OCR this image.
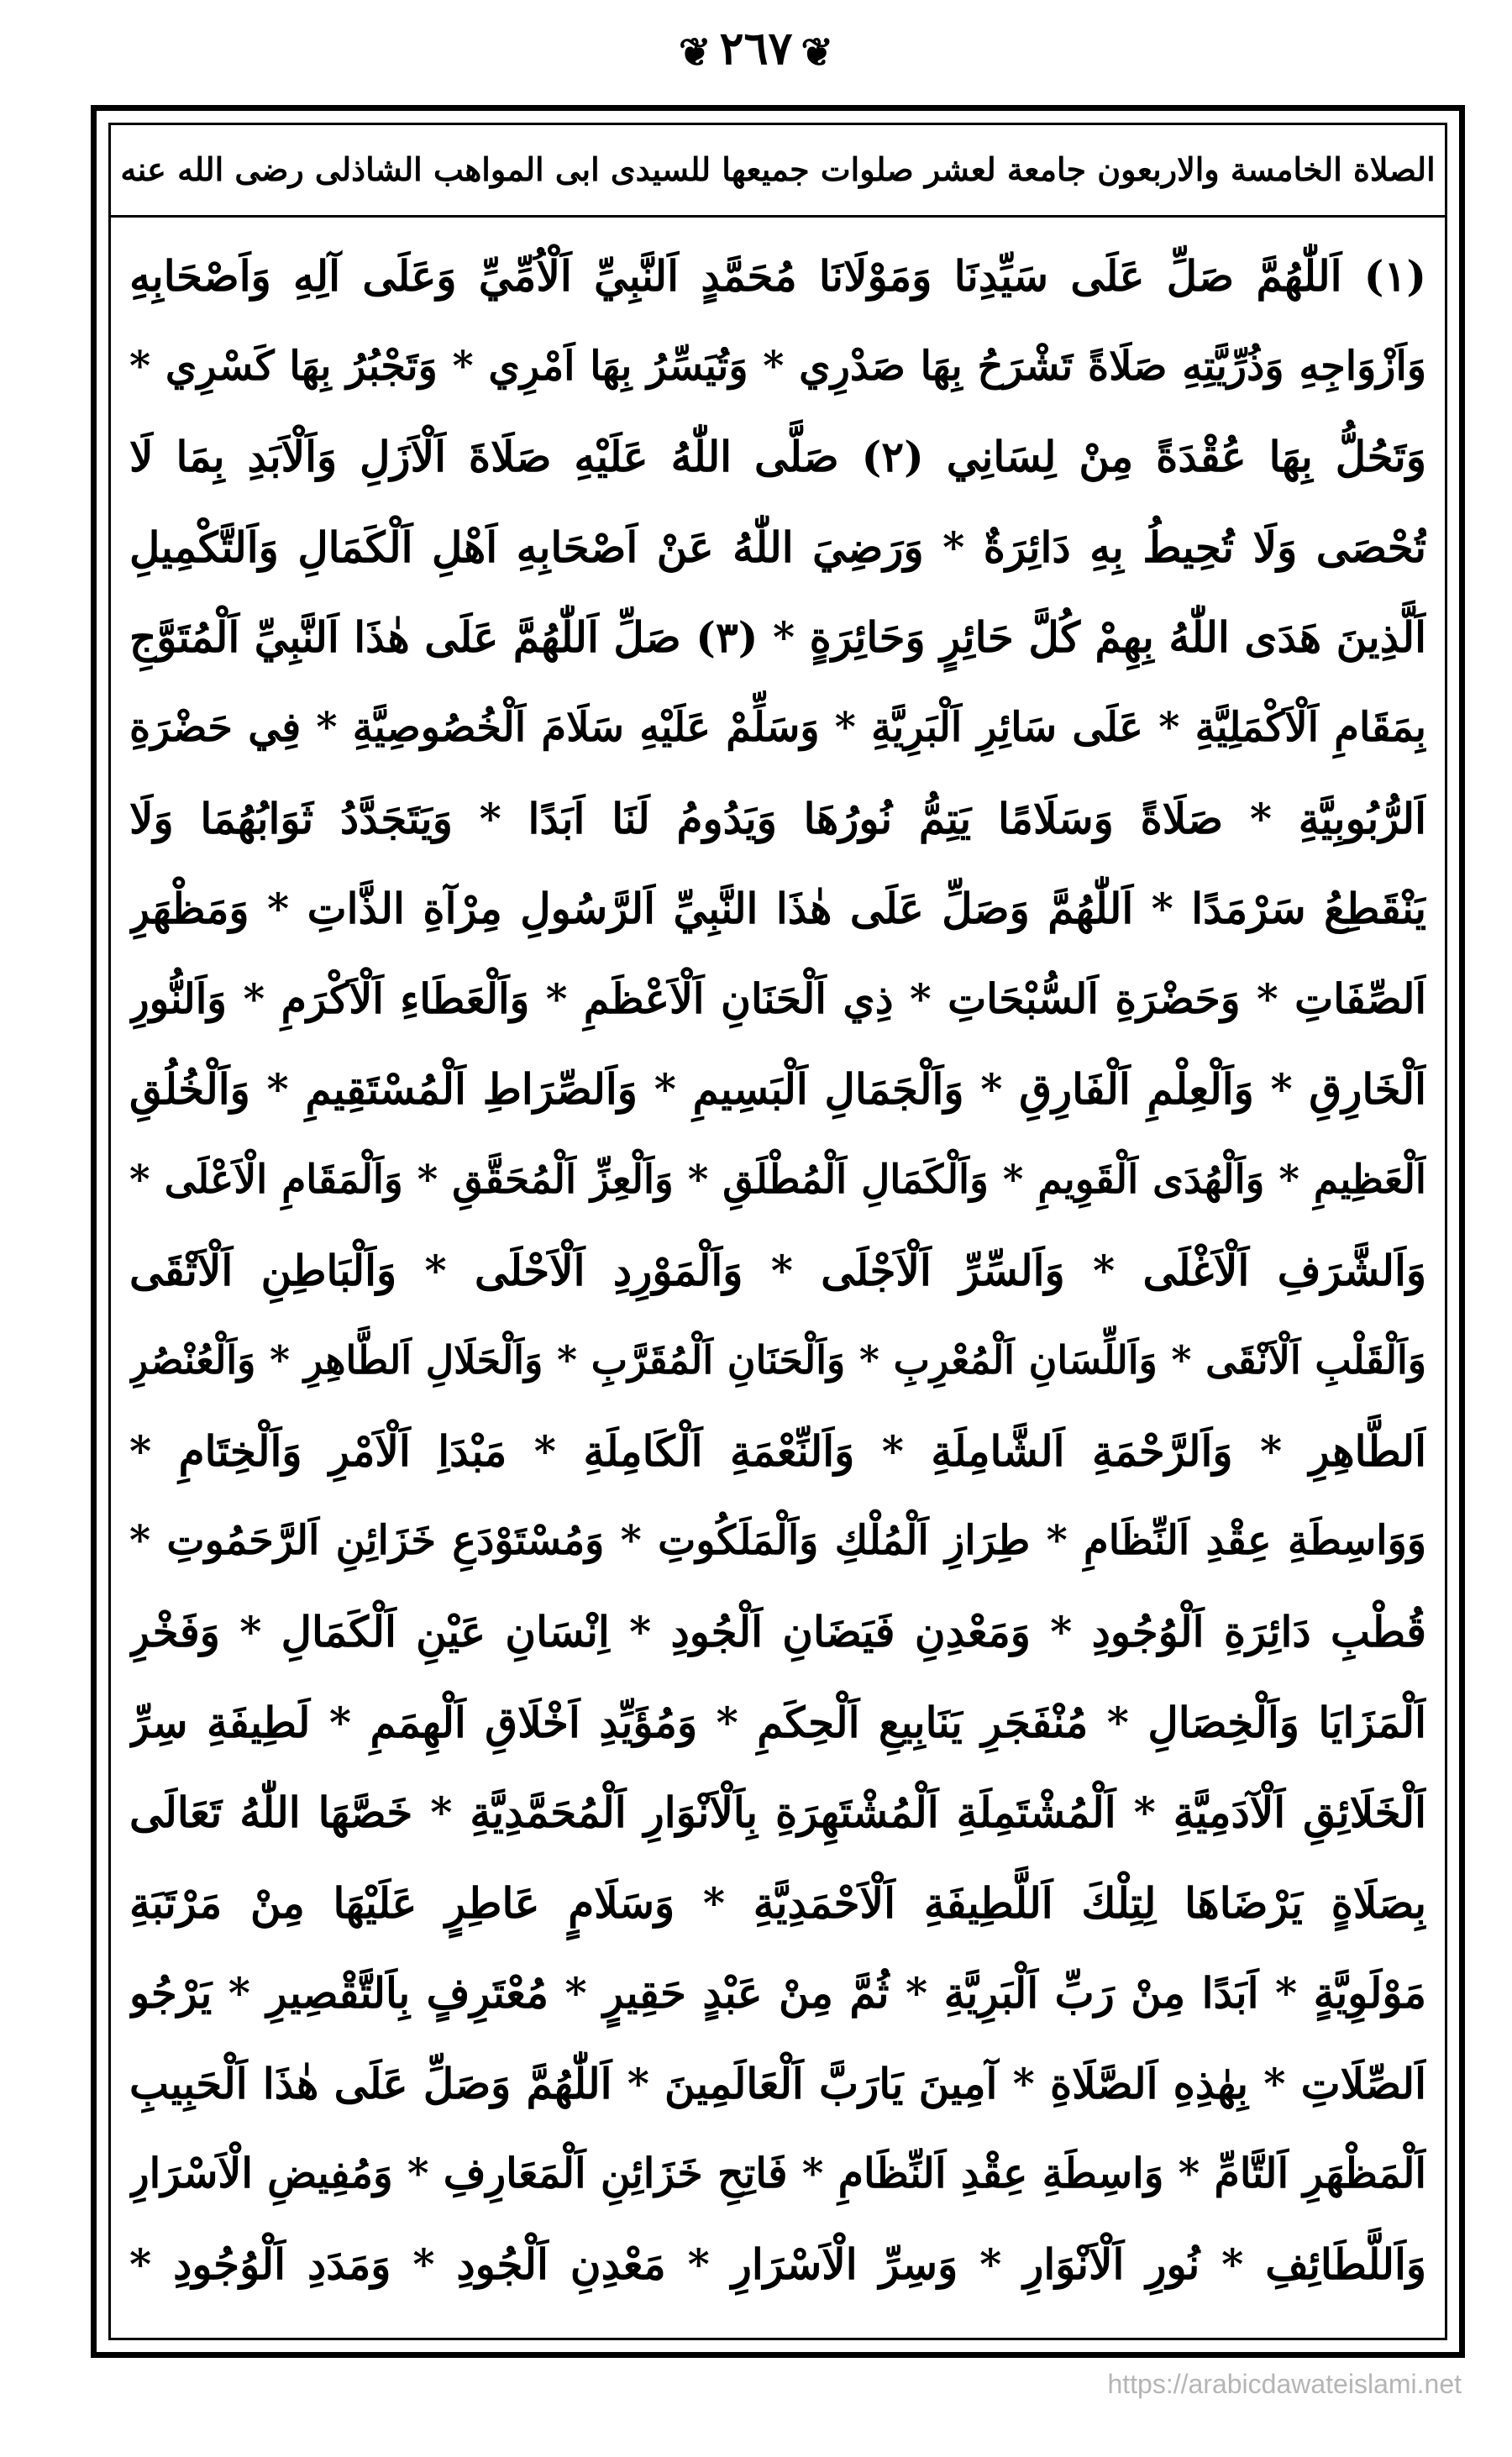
❦٢٦٧❦
الصلاة الخامسة والاربعون جامعة لعشر صلوات جميعها للسيدى ابى المواهب الشاذلى رضى الله عنه
(١) اَللّٰهُمَّ صَلِّ عَلَى سَيِّدِنَا وَمَوْلَانَا مُحَمَّدٍ اَلنَّبِيِّ اَلْاُمِّيِّ وَعَلَى آلِهِ وَاَصْحَابِهِ
وَاَزْوَاجِهِ وَذُرِّيَّتِهِ صَلَاةً تَشْرَحُ بِهَا صَدْرِي * وَتُيَسِّرُ بِهَا اَمْرِي * وَتَجْبُرُ بِهَا كَسْرِي *
وَتَحُلُّ بِهَا عُقْدَةً مِنْ لِسَانِي (٢) صَلَّى اللّٰهُ عَلَيْهِ صَلَاةَ اَلْاَزَلِ وَاَلْاَبَدِ بِمَا لَا
تُحْصَى وَلَا تُحِيطُ بِهِ دَائِرَةٌ * وَرَضِيَ اللّٰهُ عَنْ اَصْحَابِهِ اَهْلِ اَلْكَمَالِ وَاَلتَّكْمِيلِ
اَلَّذِينَ هَدَى اللّٰهُ بِهِمْ كُلَّ حَائِرٍ وَحَائِرَةٍ * (٣) صَلِّ اَللّٰهُمَّ عَلَى هٰذَا اَلنَّبِيِّ اَلْمُتَوَّجِ
بِمَقَامِ اَلْاَكْمَلِيَّةِ * عَلَى سَائِرِ اَلْبَرِيَّةِ * وَسَلِّمْ عَلَيْهِ سَلَامَ اَلْخُصُوصِيَّةِ * فِي حَضْرَةِ
اَلرُّبُوبِيَّةِ * صَلَاةً وَسَلَامًا يَتِمُّ نُورُهَا وَيَدُومُ لَنَا اَبَدًا * وَيَتَجَدَّدُ ثَوَابُهُمَا وَلَا
يَنْقَطِعُ سَرْمَدًا * اَللّٰهُمَّ وَصَلِّ عَلَى هٰذَا النَّبِيِّ اَلرَّسُولِ مِرْآةِ الذَّاتِ * وَمَظْهَرِ
اَلصِّفَاتِ * وَحَضْرَةِ اَلسُّبْحَاتِ * ذِي اَلْحَنَانِ اَلْاَعْظَمِ * وَاَلْعَطَاءِ اَلْاَكْرَمِ * وَاَلنُّورِ
اَلْخَارِقِ * وَاَلْعِلْمِ اَلْفَارِقِ * وَاَلْجَمَالِ اَلْبَسِيمِ * وَاَلصِّرَاطِ اَلْمُسْتَقِيمِ * وَاَلْخُلُقِ
اَلْعَظِيمِ * وَاَلْهُدَى اَلْقَوِيمِ * وَاَلْكَمَالِ اَلْمُطْلَقِ * وَاَلْعِزِّ اَلْمُحَقَّقِ * وَاَلْمَقَامِ الْاَعْلَى *
وَاَلشَّرَفِ اَلْاَغْلَى * وَاَلسِّرِّ اَلْاَجْلَى * وَاَلْمَوْرِدِ اَلْاَحْلَى * وَاَلْبَاطِنِ اَلْاَتْقَى
وَاَلْقَلْبِ اَلْاَنْقَى * وَاَللِّسَانِ اَلْمُعْرِبِ * وَاَلْحَنَانِ اَلْمُقَرَّبِ * وَاَلْحَلَالِ اَلطَّاهِرِ * وَاَلْعُنْصُرِ
اَلطَّاهِرِ * وَاَلرَّحْمَةِ اَلشَّامِلَةِ * وَاَلنِّعْمَةِ اَلْكَامِلَةِ * مَبْدَاِ اَلْاَمْرِ وَاَلْخِتَامِ *
وَوَاسِطَةِ عِقْدِ اَلنِّظَامِ * طِرَازِ اَلْمُلْكِ وَاَلْمَلَكُوتِ * وَمُسْتَوْدَعِ خَزَائِنِ اَلرَّحَمُوتِ *
قُطْبِ دَائِرَةِ اَلْوُجُودِ * وَمَعْدِنِ فَيَضَانِ اَلْجُودِ * اِنْسَانِ عَيْنِ اَلْكَمَالِ * وَفَخْرِ
اَلْمَزَايَا وَاَلْخِصَالِ * مُنْفَجَرِ يَنَابِيعِ اَلْحِكَمِ * وَمُؤَيِّدِ اَخْلَاقِ اَلْهِمَمِ * لَطِيفَةِ سِرِّ
اَلْخَلَائِقِ اَلْآدَمِيَّةِ * اَلْمُشْتَمِلَةِ اَلْمُشْتَهِرَةِ بِاَلْاَنْوَارِ اَلْمُحَمَّدِيَّةِ * خَصَّهَا اللّٰهُ تَعَالَى
بِصَلَاةٍ يَرْضَاهَا لِتِلْكَ اَللَّطِيفَةِ اَلْاَحْمَدِيَّةِ * وَسَلَامٍ عَاطِرٍ عَلَيْهَا مِنْ مَرْتَبَةِ
مَوْلَوِيَّةٍ * اَبَدًا مِنْ رَبِّ اَلْبَرِيَّةِ * ثُمَّ مِنْ عَبْدٍ حَقِيرٍ * مُعْتَرِفٍ بِاَلتَّقْصِيرِ * يَرْجُو
اَلصِّلَاتِ * بِهٰذِهِ اَلصَّلَاةِ * آمِينَ يَارَبَّ اَلْعَالَمِينَ * اَللّٰهُمَّ وَصَلِّ عَلَى هٰذَا اَلْحَبِيبِ
اَلْمَظْهَرِ اَلتَّامِّ * وَاسِطَةِ عِقْدِ اَلنِّظَامِ * فَاتِحِ خَزَائِنِ اَلْمَعَارِفِ * وَمُفِيضِ الْاَسْرَارِ
وَاَللَّطَائِفِ * نُورِ اَلْاَنْوَارِ * وَسِرِّ الْاَسْرَارِ * مَعْدِنِ اَلْجُودِ * وَمَدَدِ اَلْوُجُودِ *
https://arabicdawateislami.net
